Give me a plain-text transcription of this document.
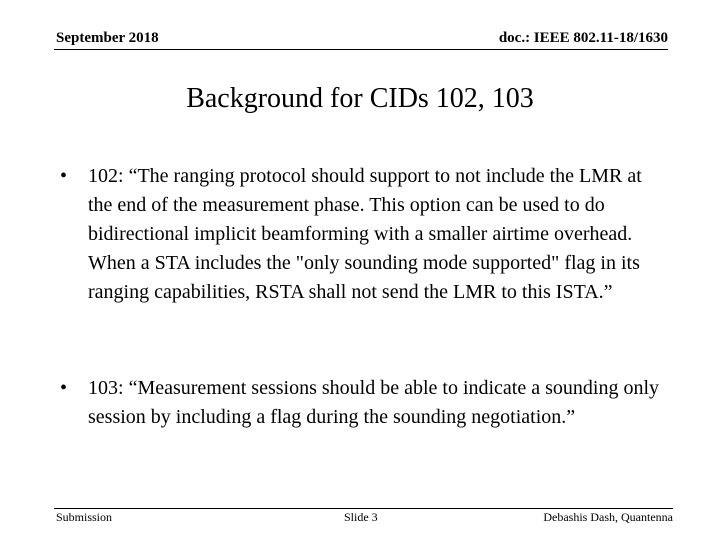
September 2018	doc.: IEEE 802.11-18/1630
Background for CIDs 102, 103
•	102: “The ranging protocol should support to not include the LMR at the end of the measurement phase. This option can be used to do bidirectional implicit beamforming with a smaller airtime overhead. When a STA includes the "only sounding mode supported" flag in its ranging capabilities, RSTA shall not send the LMR to this ISTA.”
•	103: “Measurement sessions should be able to indicate a sounding only session by including a flag during the sounding negotiation.”
Submission	Slide 3	Debashis Dash, Quantenna
